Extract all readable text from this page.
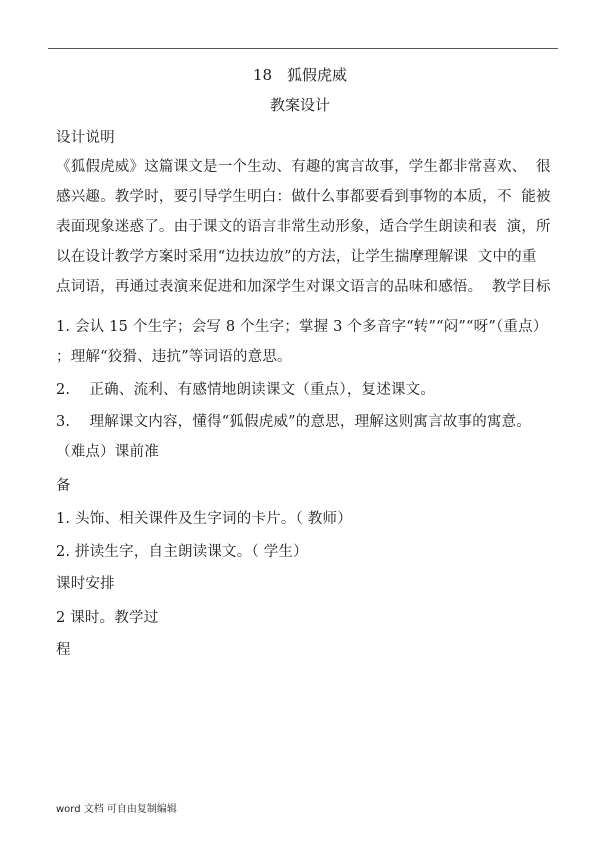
18　狐假虎威
教案设计
设计说明
《狐假虎威》这篇课文是一个生动、有趣的寓言故事，学生都非常喜欢、  很
感兴趣。教学时，要引导学生明白：做什么事都要看到事物的本质，不  能被
表面现象迷惑了。由于课文的语言非常生动形象，适合学生朗读和表  演，所
以在设计教学方案时采用“边扶边放”的方法，让学生揣摩理解课  文中的重
点词语，再通过表演来促进和加深学生对课文语言的品味和感悟。  教学目标
1. 会认 15 个生字；会写 8 个生字；掌握 3 个多音字“转”“闷”“呀”（重点）
；理解“狡猾、违抗”等词语的意思。
2.    正确、流利、有感情地朗读课文（重点），复述课文。
3.    理解课文内容，懂得“狐假虎威”的意思，理解这则寓言故事的寓意。
（难点）课前准
备
1. 头饰、相关课件及生字词的卡片。（ 教师）
2. 拼读生字，自主朗读课文。（ 学生）
课时安排
2 课时。教学过
程
word 文档 可自由复制编辑
